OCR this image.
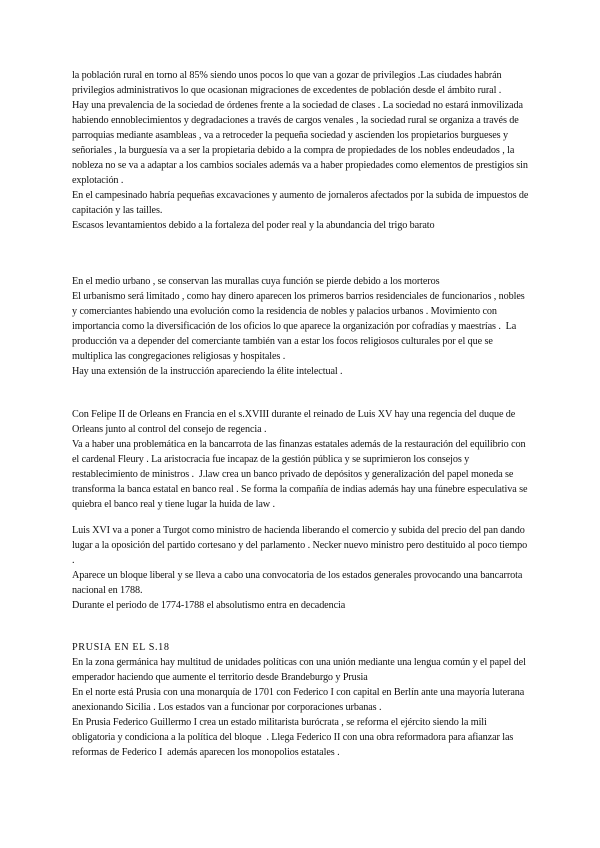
la población rural en torno al 85% siendo unos pocos lo que van a gozar de privilegios .Las ciudades habrán privilegios administrativos lo que ocasionan migraciones de excedentes de población desde el ámbito rural .

Hay una prevalencia de la sociedad de órdenes frente a la sociedad de clases . La sociedad no estará inmovilizada habiendo ennoblecimientos y degradaciones a través de cargos venales , la sociedad rural se organiza a través de parroquias mediante asambleas , va a retroceder la pequeña sociedad y ascienden los propietarios burgueses y señoriales , la burguesía va a ser la propietaria debido a la compra de propiedades de los nobles endeudados , la nobleza no se va a adaptar a los cambios sociales además va a haber propiedades como elementos de prestigios sin explotación .

En el campesinado habría pequeñas excavaciones y aumento de jornaleros afectados por la subida de impuestos de capitación y las tailles.

Escasos levantamientos debido a la fortaleza del poder real y la abundancia del trigo barato

En el medio urbano , se conservan las murallas cuya función se pierde debido a los morteros

El urbanismo será limitado , como hay dinero aparecen los primeros barrios residenciales de funcionarios , nobles y comerciantes habiendo una evolución como la residencia de nobles y palacios urbanos . Movimiento con importancia como la diversificación de los oficios lo que aparece la organización por cofradías y maestrías .  La producción va a depender del comerciante también van a estar los focos religiosos culturales por el que se multiplica las congregaciones religiosas y hospitales .

Hay una extensión de la instrucción apareciendo la élite intelectual .

Con Felipe II de Orleans en Francia en el s.XVIII durante el reinado de Luis XV hay una regencia del duque de Orleans junto al control del consejo de regencia .

Va a haber una problemática en la bancarrota de las finanzas estatales además de la restauración del equilibrio con el cardenal Fleury . La aristocracia fue incapaz de la gestión pública y se suprimieron los consejos y restablecimiento de ministros .  J.law crea un banco privado de depósitos y generalización del papel moneda se transforma la banca estatal en banco real . Se forma la compañía de indias además hay una fúnebre especulativa se quiebra el banco real y tiene lugar la huida de law .

Luis XVI va a poner a Turgot como ministro de hacienda liberando el comercio y subida del precio del pan dando lugar a la oposición del partido cortesano y del parlamento . Necker nuevo ministro pero destituido al poco tiempo .

Aparece un bloque liberal y se lleva a cabo una convocatoria de los estados generales provocando una bancarrota nacional en 1788.

Durante el periodo de 1774-1788 el absolutismo entra en decadencia

PRUSIA EN EL S.18

En la zona germánica hay multitud de unidades políticas con una unión mediante una lengua común y el papel del emperador haciendo que aumente el territorio desde Brandeburgo y Prusia

En el norte está Prusia con una monarquía de 1701 con Federico I con capital en Berlín ante una mayoría luterana anexionando Sicilia . Los estados van a funcionar por corporaciones urbanas .

En Prusia Federico Guillermo I crea un estado militarista burócrata , se reforma el ejército siendo la mili obligatoria y condiciona a la política del bloque  . Llega Federico II con una obra reformadora para afianzar las reformas de Federico I  además aparecen los monopolios estatales .
